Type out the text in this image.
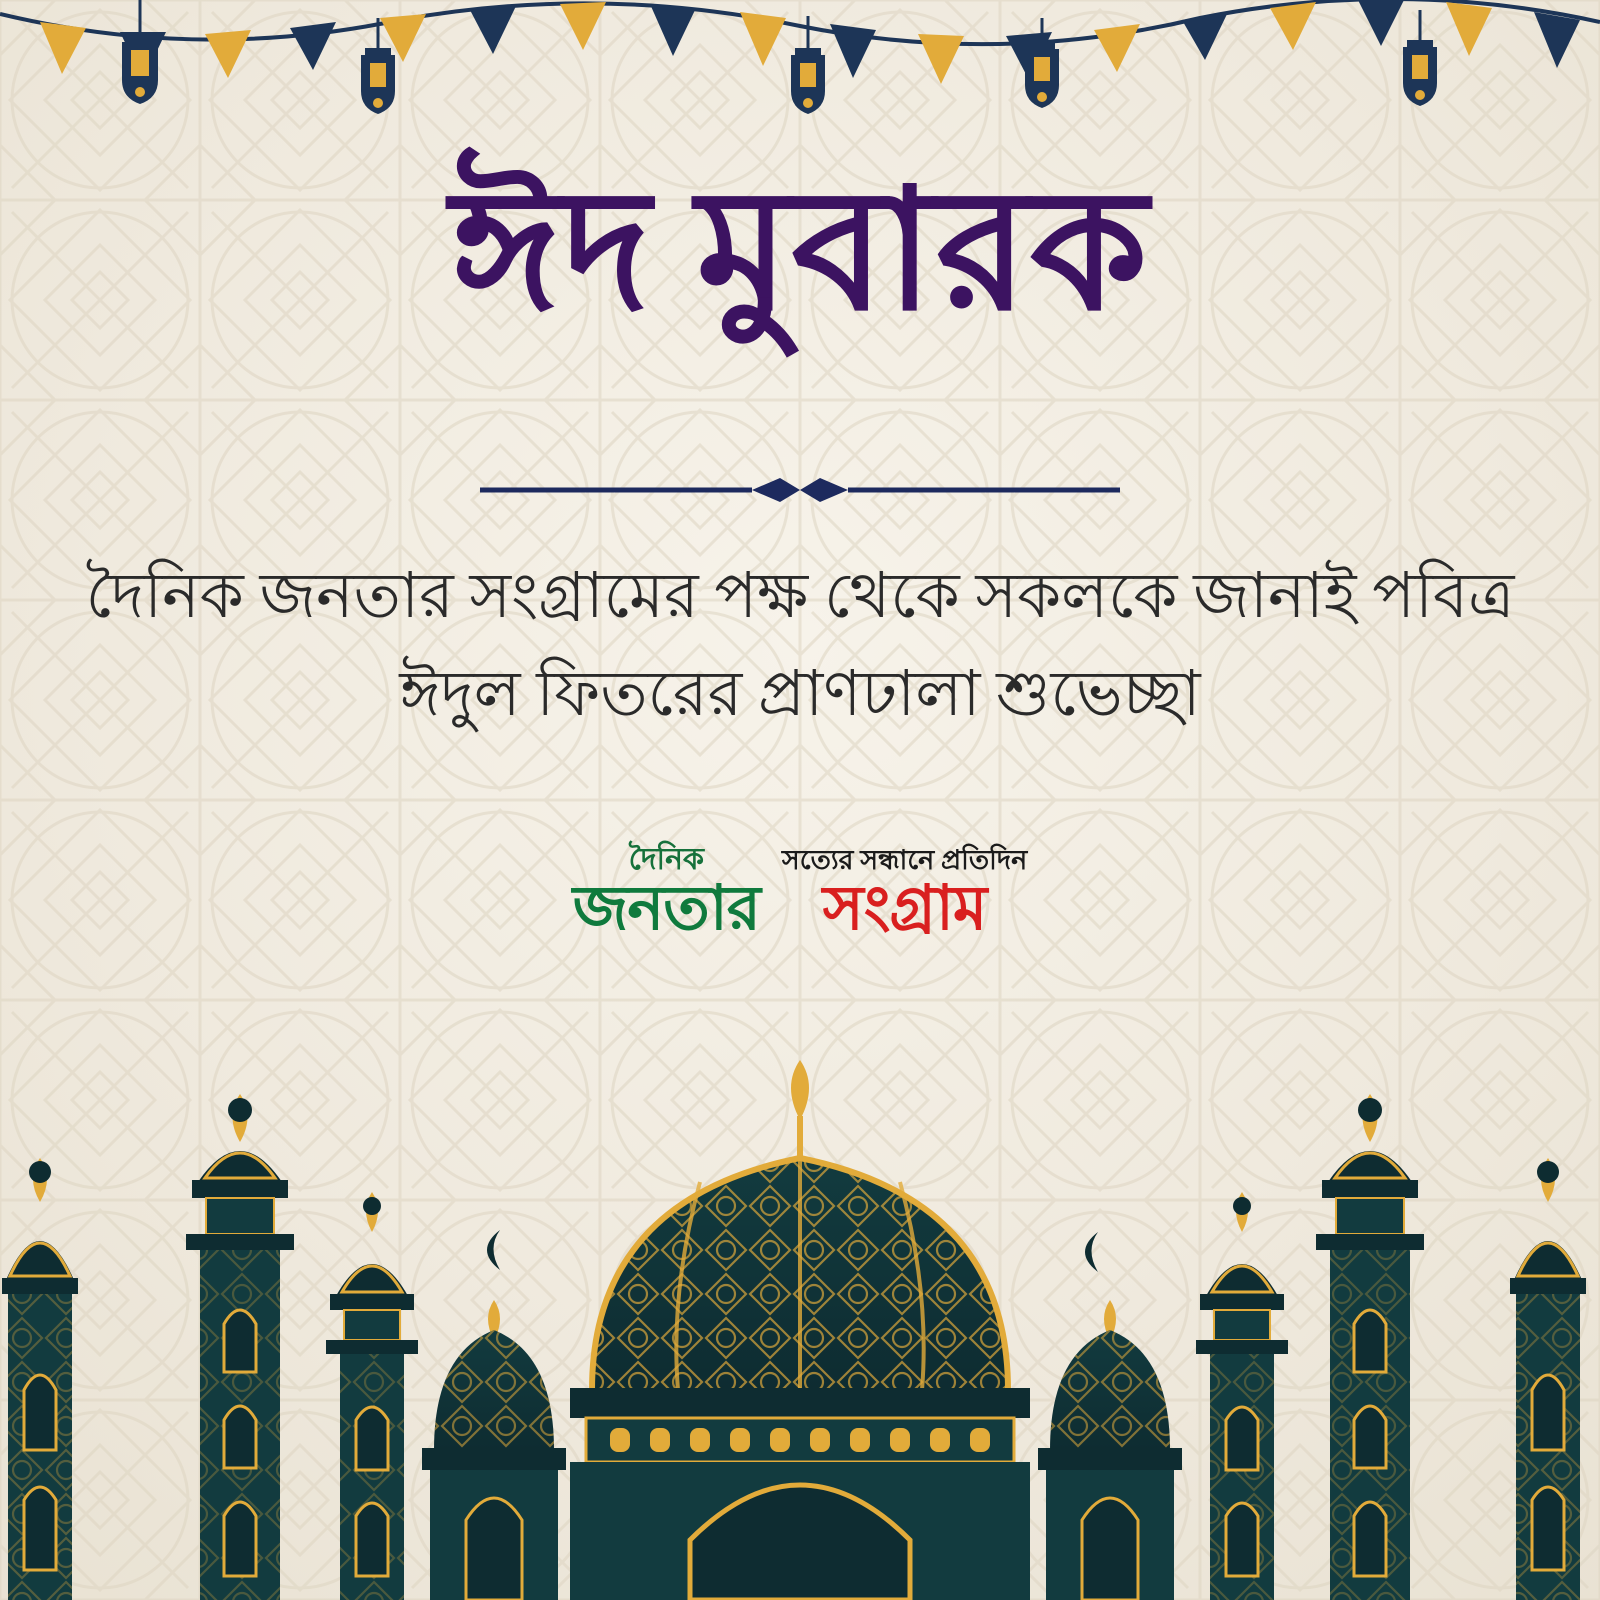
ঈদ মুবারক
দৈনিক জনতার সংগ্রামের পক্ষ থেকে সকলকে জানাই পবিত্র ঈদুল ফিতরের প্রাণঢালা শুভেচ্ছা
দৈনিক
জনতার
সত্যের সন্ধানে প্রতিদিন
সংগ্রাম
